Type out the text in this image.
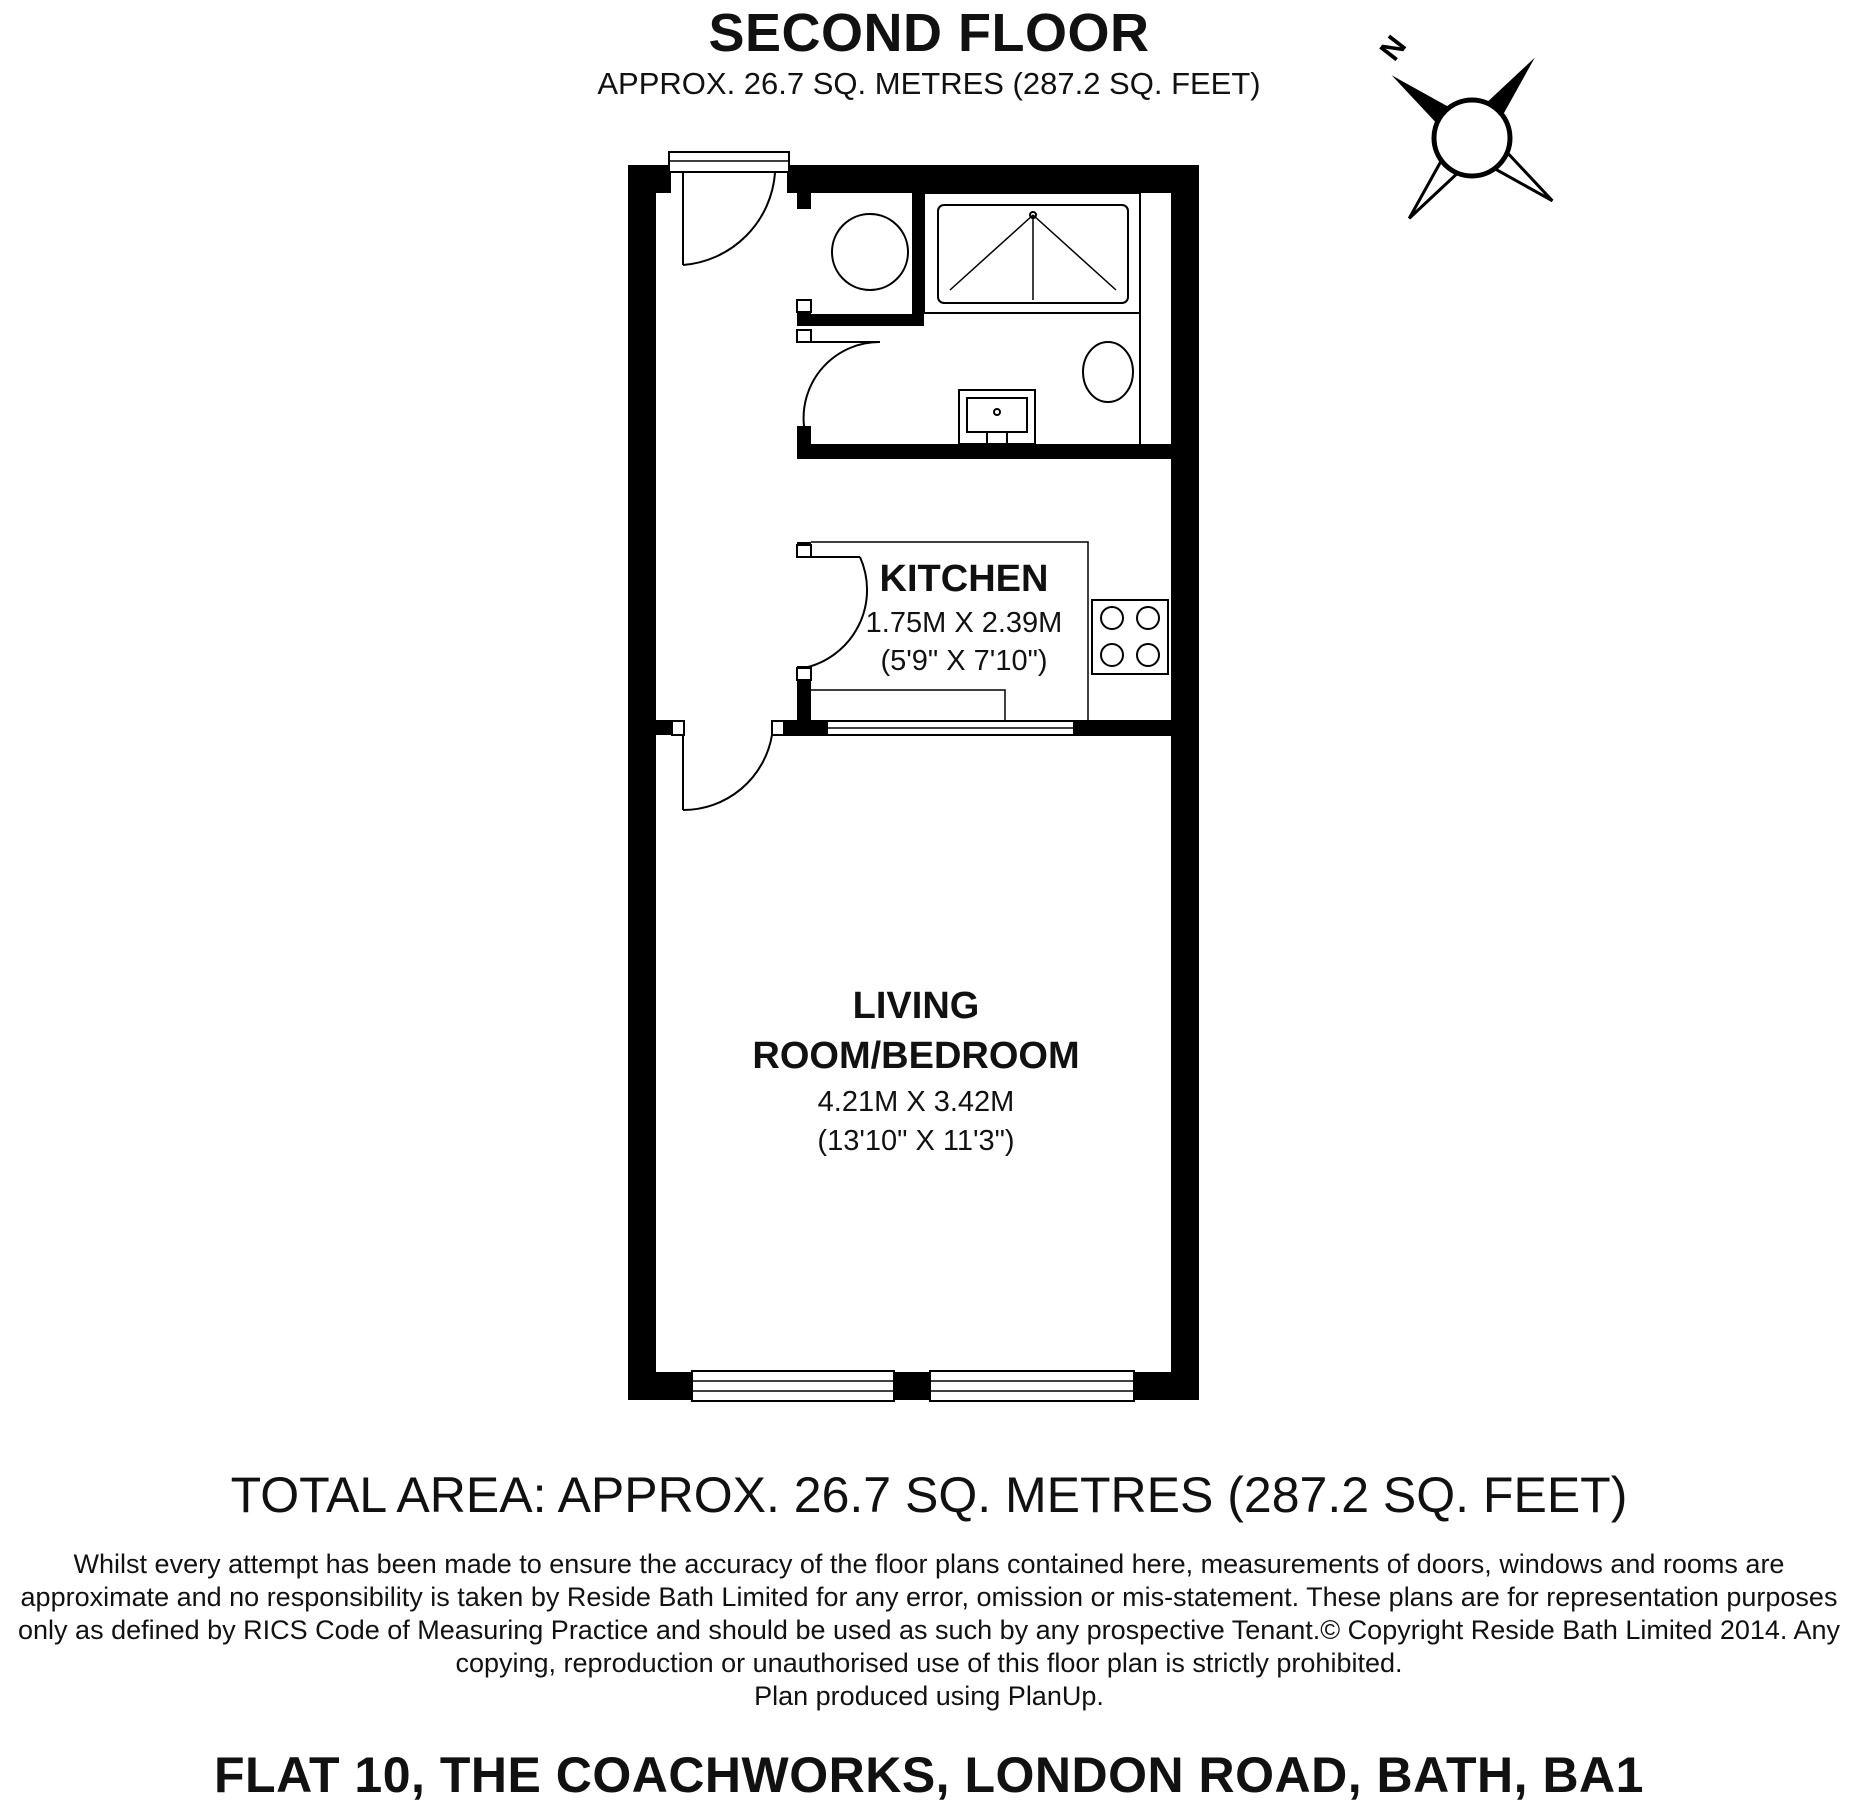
SECOND FLOOR
APPROX. 26.7 SQ. METRES (287.2 SQ. FEET)
KITCHEN
1.75M X 2.39M
(5'9" X 7'10")
LIVING
ROOM/BEDROOM
4.21M X 3.42M
(13'10" X 11'3")
N
TOTAL AREA: APPROX. 26.7 SQ. METRES (287.2 SQ. FEET)
Whilst every attempt has been made to ensure the accuracy of the floor plans contained here, measurements of doors, windows and rooms are approximate and no responsibility is taken by Reside Bath Limited for any error, omission or mis-statement. These plans are for representation purposes only as defined by RICS Code of Measuring Practice and should be used as such by any prospective Tenant.© Copyright Reside Bath Limited 2014. Any copying, reproduction or unauthorised use of this floor plan is strictly prohibited.
Plan produced using PlanUp.
FLAT 10, THE COACHWORKS, LONDON ROAD, BATH, BA1
